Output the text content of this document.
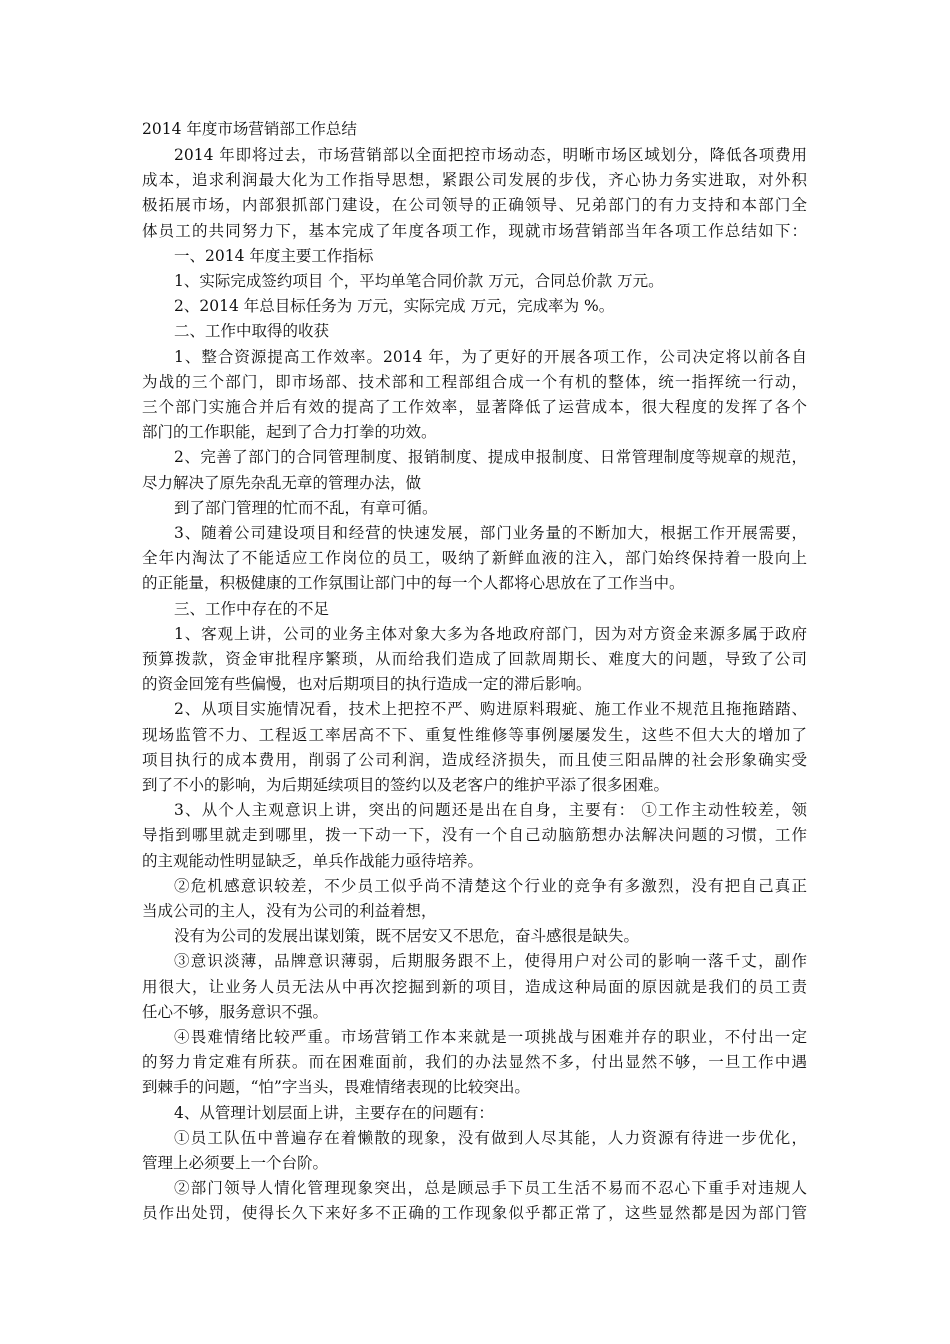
2014 年度市场营销部工作总结
2014 年即将过去，市场营销部以全面把控市场动态，明晰市场区域划分，降低各项费用
成本，追求利润最大化为工作指导思想，紧跟公司发展的步伐，齐心协力务实进取，对外积
极拓展市场，内部狠抓部门建设，在公司领导的正确领导、兄弟部门的有力支持和本部门全
体员工的共同努力下，基本完成了年度各项工作，现就市场营销部当年各项工作总结如下：
一、2014 年度主要工作指标
1、实际完成签约项目 个，平均单笔合同价款 万元，合同总价款 万元。
2、2014 年总目标任务为 万元，实际完成 万元，完成率为 %。
二、工作中取得的收获
1、整合资源提高工作效率。2014 年，为了更好的开展各项工作，公司决定将以前各自
为战的三个部门，即市场部、技术部和工程部组合成一个有机的整体，统一指挥统一行动，
三个部门实施合并后有效的提高了工作效率，显著降低了运营成本，很大程度的发挥了各个
部门的工作职能，起到了合力打拳的功效。
2、完善了部门的合同管理制度、报销制度、提成申报制度、日常管理制度等规章的规范，
尽力解决了原先杂乱无章的管理办法，做
到了部门管理的忙而不乱，有章可循。
3、随着公司建设项目和经营的快速发展，部门业务量的不断加大，根据工作开展需要，
全年内淘汰了不能适应工作岗位的员工，吸纳了新鲜血液的注入，部门始终保持着一股向上
的正能量，积极健康的工作氛围让部门中的每一个人都将心思放在了工作当中。
三、工作中存在的不足
1、客观上讲，公司的业务主体对象大多为各地政府部门，因为对方资金来源多属于政府
预算拨款，资金审批程序繁琐，从而给我们造成了回款周期长、难度大的问题，导致了公司
的资金回笼有些偏慢，也对后期项目的执行造成一定的滞后影响。
2、从项目实施情况看，技术上把控不严、购进原料瑕疵、施工作业不规范且拖拖踏踏、
现场监管不力、工程返工率居高不下、重复性维修等事例屡屡发生，这些不但大大的增加了
项目执行的成本费用，削弱了公司利润，造成经济损失，而且使三阳品牌的社会形象确实受
到了不小的影响，为后期延续项目的签约以及老客户的维护平添了很多困难。
3、从个人主观意识上讲，突出的问题还是出在自身，主要有： ①工作主动性较差，领
导指到哪里就走到哪里，拨一下动一下，没有一个自己动脑筋想办法解决问题的习惯，工作
的主观能动性明显缺乏，单兵作战能力亟待培养。
②危机感意识较差，不少员工似乎尚不清楚这个行业的竞争有多激烈，没有把自己真正
当成公司的主人，没有为公司的利益着想，
没有为公司的发展出谋划策，既不居安又不思危，奋斗感很是缺失。
③意识淡薄，品牌意识薄弱，后期服务跟不上，使得用户对公司的影响一落千丈，副作
用很大，让业务人员无法从中再次挖掘到新的项目，造成这种局面的原因就是我们的员工责
任心不够，服务意识不强。
④畏难情绪比较严重。市场营销工作本来就是一项挑战与困难并存的职业，不付出一定
的努力肯定难有所获。而在困难面前，我们的办法显然不多，付出显然不够，一旦工作中遇
到棘手的问题，“怕”字当头，畏难情绪表现的比较突出。
4、从管理计划层面上讲，主要存在的问题有：
①员工队伍中普遍存在着懒散的现象，没有做到人尽其能，人力资源有待进一步优化，
管理上必须要上一个台阶。
②部门领导人情化管理现象突出，总是顾忌手下员工生活不易而不忍心下重手对违规人
员作出处罚，使得长久下来好多不正确的工作现象似乎都正常了，这些显然都是因为部门管
